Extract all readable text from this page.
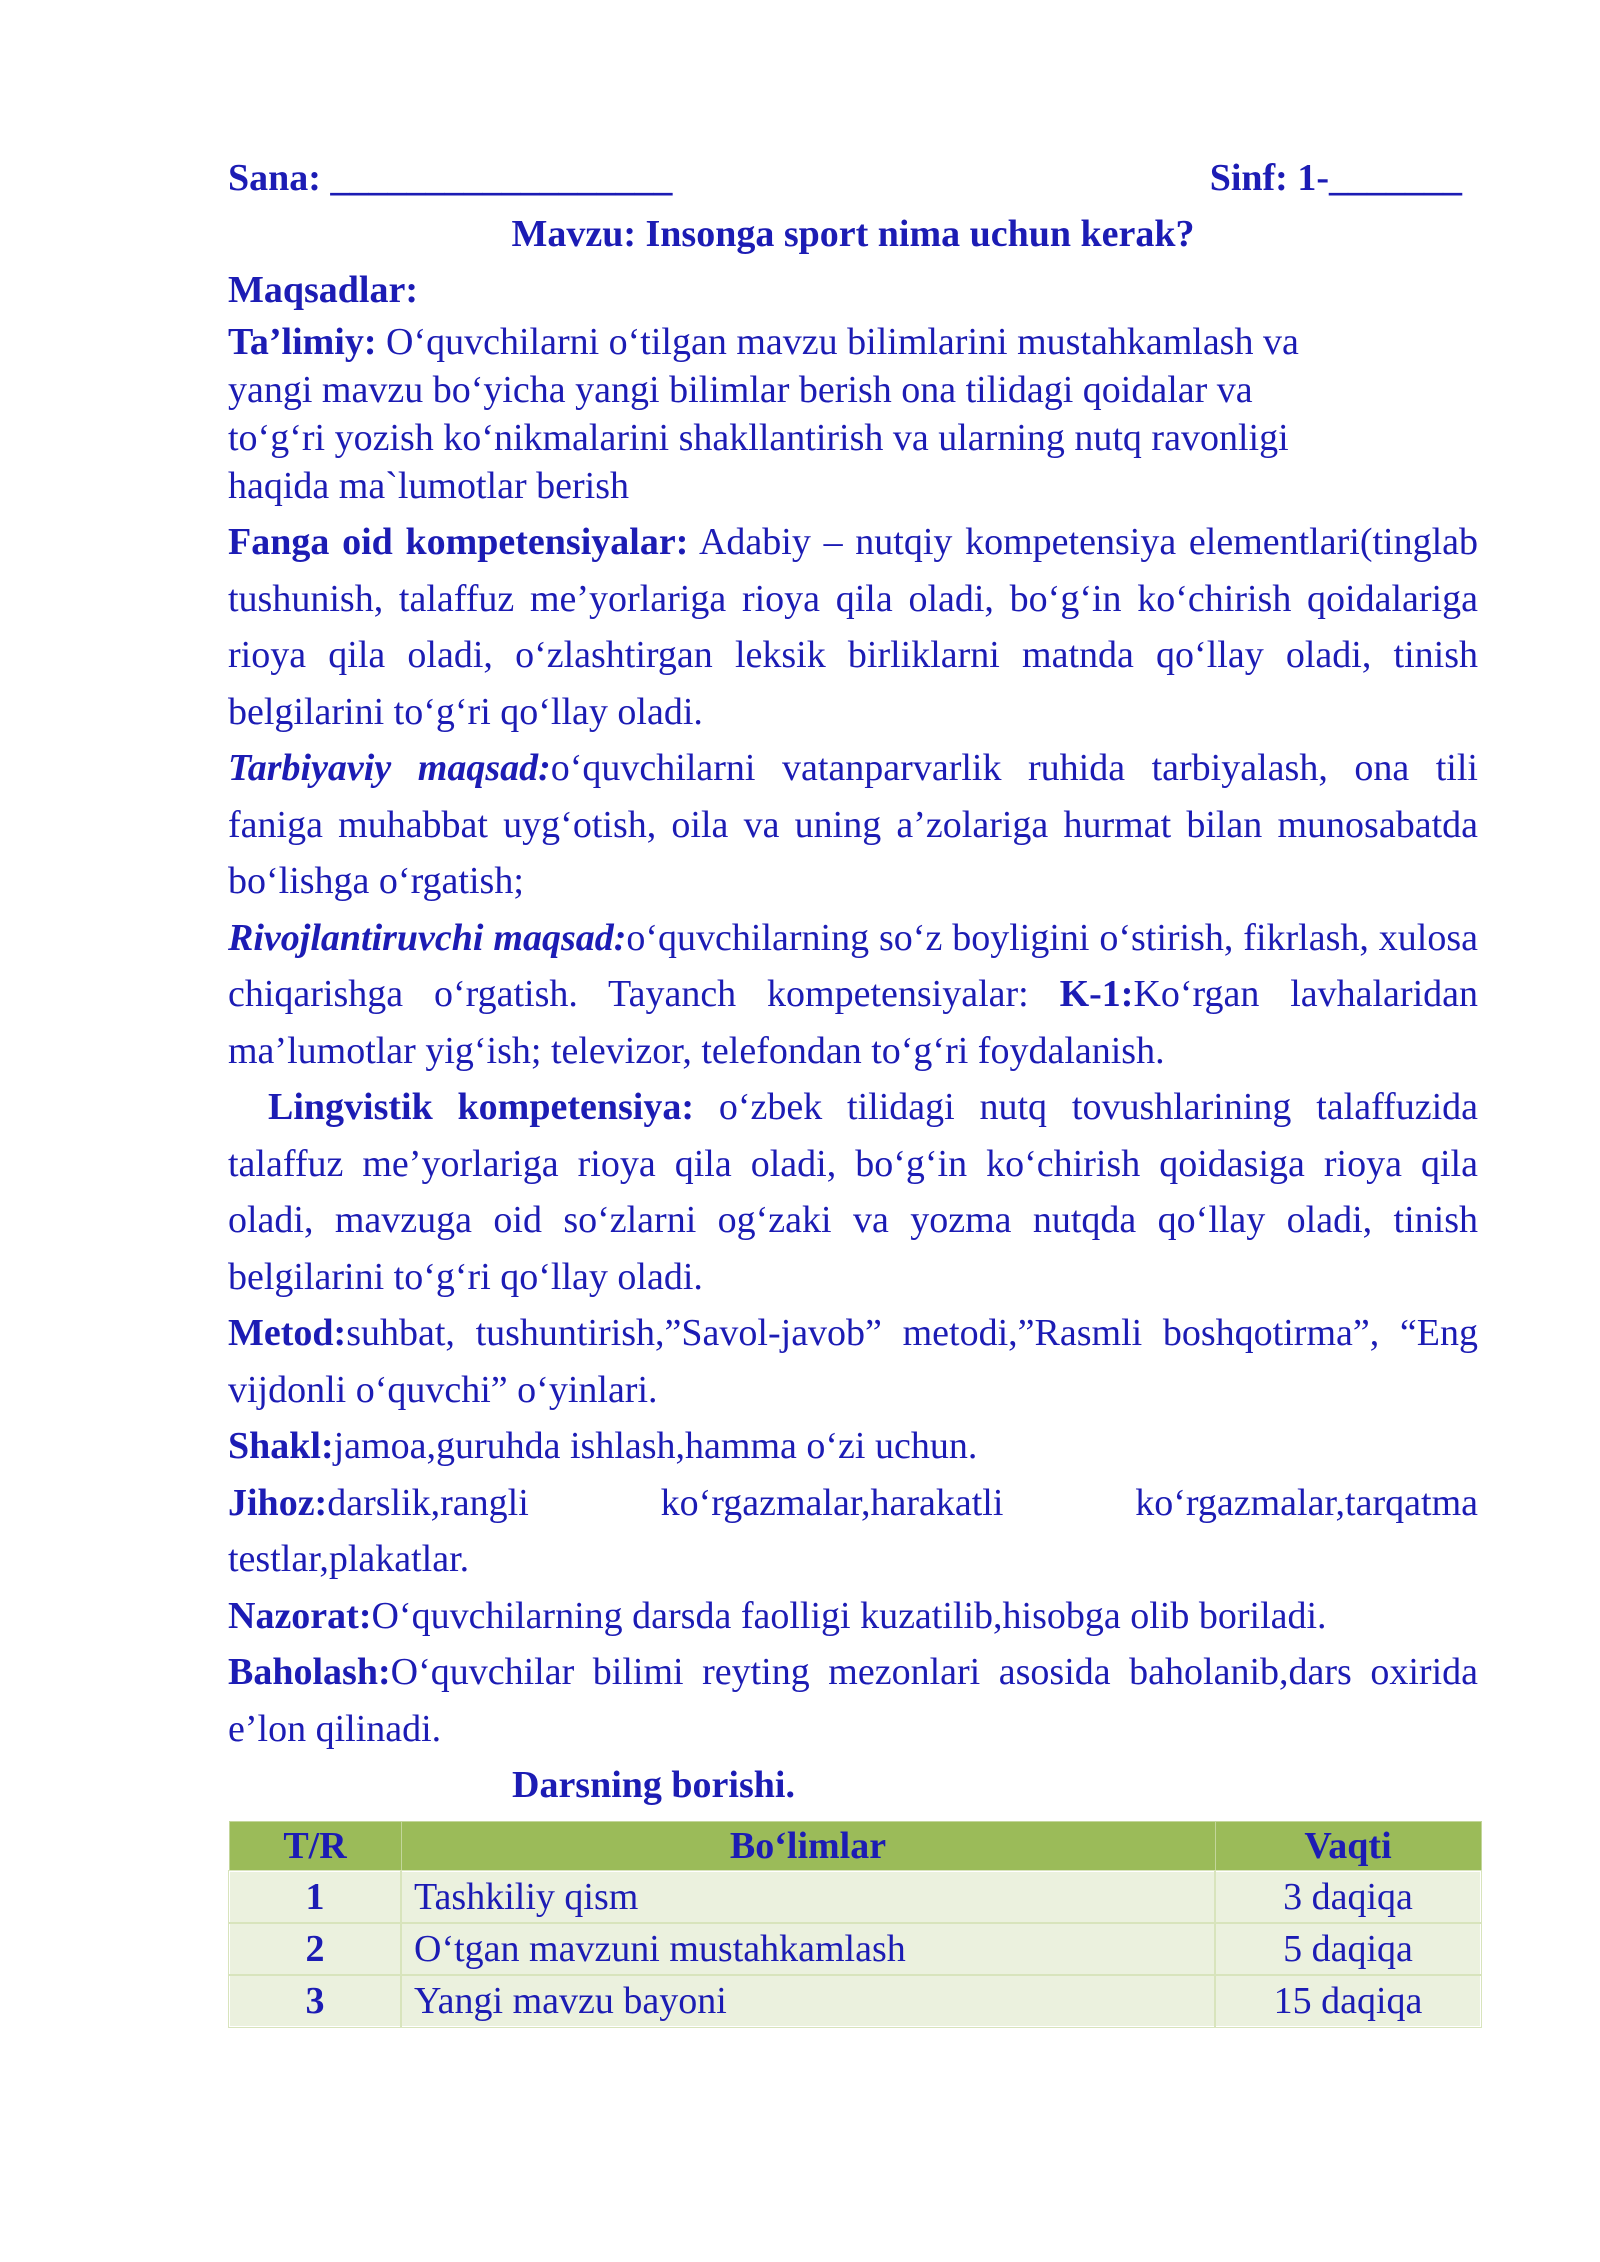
Sana: __________________	Sinf: 1-_______
Mavzu: Insonga sport nima uchun kerak?
Maqsadlar:
Ta’limiy: O‘quvchilarni o‘tilgan mavzu bilimlarini mustahkamlash va
yangi mavzu bo‘yicha yangi bilimlar berish ona tilidagi qoidalar va
to‘g‘ri yozish ko‘nikmalarini shakllantirish va ularning nutq ravonligi
haqida ma`lumotlar berish

Fanga oid kompetensiyalar: Adabiy – nutqiy kompetensiya elementlari(tinglab tushunish, talaffuz me’yorlariga rioya qila oladi, bo‘g‘in ko‘chirish qoidalariga rioya qila oladi, o‘zlashtirgan leksik birliklarni matnda qo‘llay oladi, tinish belgilarini to‘g‘ri qo‘llay oladi.

Tarbiyaviy maqsad:o‘quvchilarni vatanparvarlik ruhida tarbiyalash, ona tili faniga muhabbat uyg‘otish, oila va uning a’zolariga hurmat bilan munosabatda bo‘lishga o‘rgatish;

Rivojlantiruvchi maqsad:o‘quvchilarning so‘z boyligini o‘stirish, fikrlash, xulosa chiqarishga o‘rgatish. Tayanch kompetensiyalar: K-1:Ko‘rgan lavhalaridan ma’lumotlar yig‘ish; televizor, telefondan to‘g‘ri foydalanish.

Lingvistik kompetensiya: o‘zbek tilidagi nutq tovushlarining talaffuzida talaffuz me’yorlariga rioya qila oladi, bo‘g‘in ko‘chirish qoidasiga rioya qila oladi, mavzuga oid so‘zlarni og‘zaki va yozma nutqda qo‘llay oladi, tinish belgilarini to‘g‘ri qo‘llay oladi.

Metod:suhbat, tushuntirish,”Savol-javob” metodi,”Rasmli boshqotirma”, “Eng vijdonli o‘quvchi” o‘yinlari.

Shakl:jamoa,guruhda ishlash,hamma o‘zi uchun.

Jihoz:darslik,rangli ko‘rgazmalar,harakatli ko‘rgazmalar,tarqatma testlar,plakatlar.

Nazorat:O‘quvchilarning darsda faolligi kuzatilib,hisobga olib boriladi.

Baholash:O‘quvchilar bilimi reyting mezonlari asosida baholanib,dars oxirida e’lon qilinadi.

Darsning borishi.
T/R	Bo‘limlar	Vaqti
1	Tashkiliy qism	3 daqiqa
2	O‘tgan mavzuni mustahkamlash	5 daqiqa
3	Yangi mavzu bayoni	15 daqiqa
